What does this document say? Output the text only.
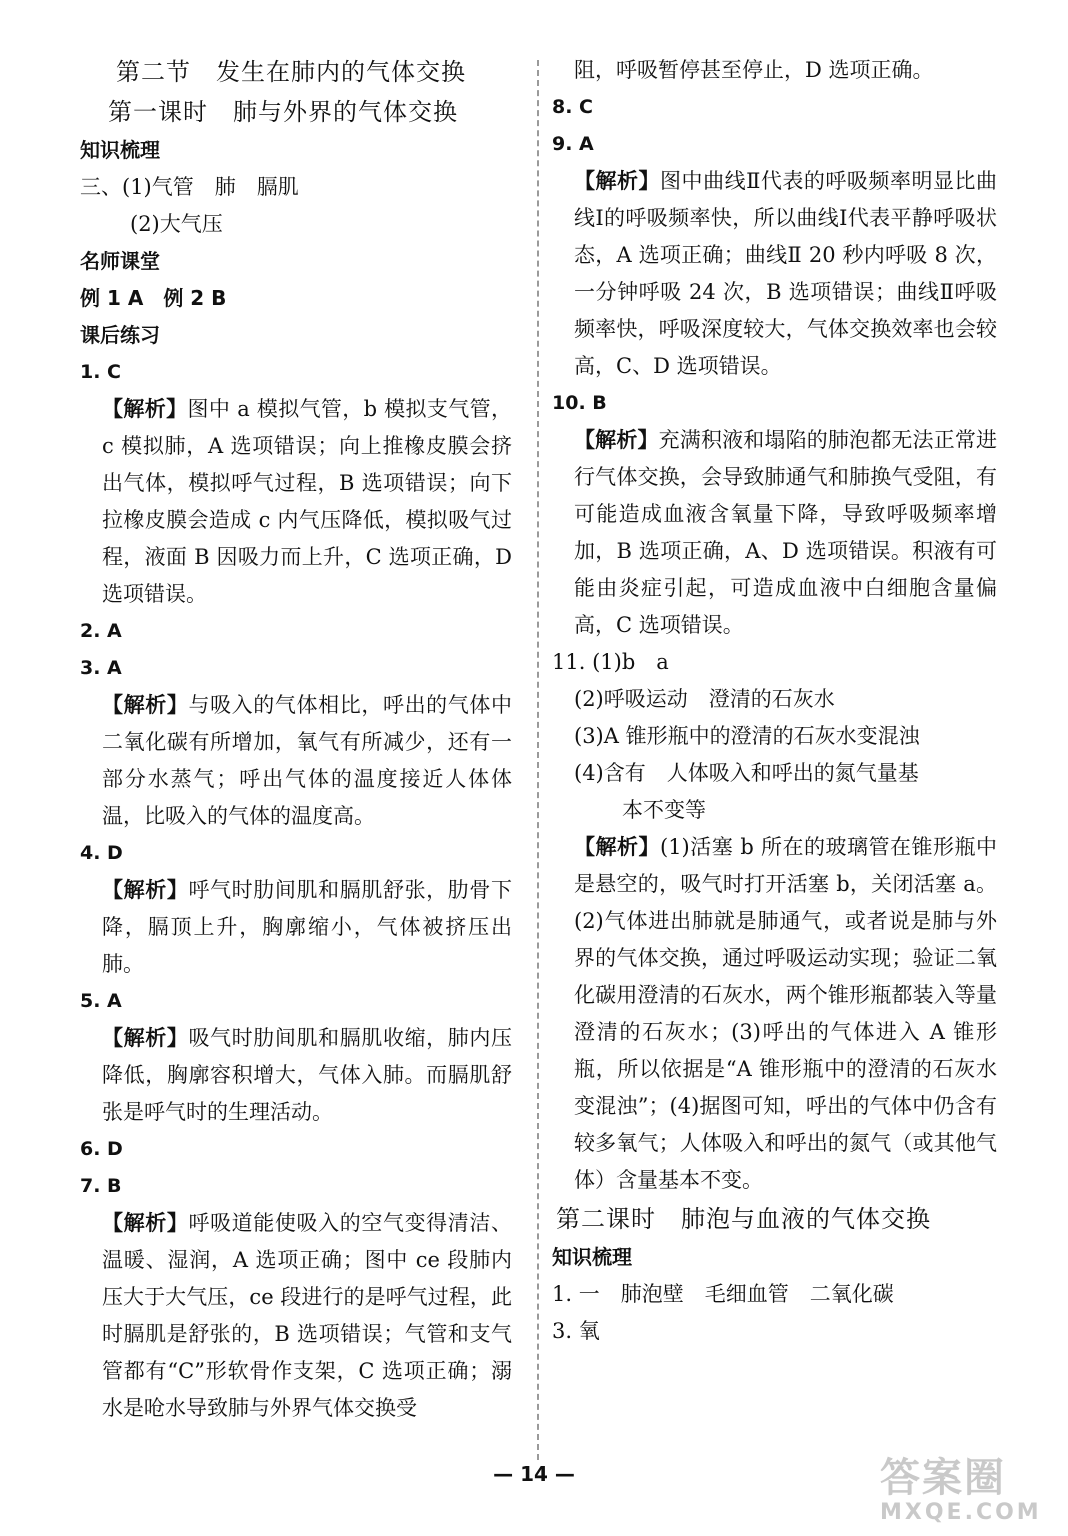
第二节　发生在肺内的气体交换
第一课时　肺与外界的气体交换
知识梳理
三、(1)气管　肺　膈肌
(2)大气压
名师课堂
例 1 A　例 2 B
课后练习
1. C
【解析】图中 a 模拟气管，b 模拟支气管，c 模拟肺，A 选项错误；向上推橡皮膜会挤出气体，模拟呼气过程，B 选项错误；向下拉橡皮膜会造成 c 内气压降低，模拟吸气过程，液面 B 因吸力而上升，C 选项正确，D 选项错误。
2. A
3. A
【解析】与吸入的气体相比，呼出的气体中二氧化碳有所增加，氧气有所减少，还有一部分水蒸气；呼出气体的温度接近人体体温，比吸入的气体的温度高。
4. D
【解析】呼气时肋间肌和膈肌舒张，肋骨下降，膈顶上升，胸廓缩小，气体被挤压出肺。
5. A
【解析】吸气时肋间肌和膈肌收缩，肺内压降低，胸廓容积增大，气体入肺。而膈肌舒张是呼气时的生理活动。
6. D
7. B
【解析】呼吸道能使吸入的空气变得清洁、温暖、湿润，A 选项正确；图中 ce 段肺内压大于大气压，ce 段进行的是呼气过程，此时膈肌是舒张的，B 选项错误；气管和支气管都有“C”形软骨作支架，C 选项正确；溺水是呛水导致肺与外界气体交换受
阻，呼吸暂停甚至停止，D 选项正确。
8. C
9. A
【解析】图中曲线Ⅱ代表的呼吸频率明显比曲线Ⅰ的呼吸频率快，所以曲线Ⅰ代表平静呼吸状态，A 选项正确；曲线Ⅱ 20 秒内呼吸 8 次，一分钟呼吸 24 次，B 选项错误；曲线Ⅱ呼吸频率快，呼吸深度较大，气体交换效率也会较高，C、D 选项错误。
10. B
【解析】充满积液和塌陷的肺泡都无法正常进行气体交换，会导致肺通气和肺换气受阻，有可能造成血液含氧量下降，导致呼吸频率增加，B 选项正确，A、D 选项错误。积液有可能由炎症引起，可造成血液中白细胞含量偏高，C 选项错误。
11. (1)b　a
(2)呼吸运动　澄清的石灰水
(3)A 锥形瓶中的澄清的石灰水变混浊
(4)含有　人体吸入和呼出的氮气量基
本不变等
【解析】(1)活塞 b 所在的玻璃管在锥形瓶中是悬空的，吸气时打开活塞 b，关闭活塞 a。(2)气体进出肺就是肺通气，或者说是肺与外界的气体交换，通过呼吸运动实现；验证二氧化碳用澄清的石灰水，两个锥形瓶都装入等量澄清的石灰水；(3)呼出的气体进入 A 锥形瓶，所以依据是“A 锥形瓶中的澄清的石灰水变混浊”；(4)据图可知，呼出的气体中仍含有较多氧气；人体吸入和呼出的氮气（或其他气体）含量基本不变。
第二课时　肺泡与血液的气体交换
知识梳理
1. 一　肺泡壁　毛细血管　二氧化碳
3. 氧
— 14 —	答案圈
MXQE.COM
